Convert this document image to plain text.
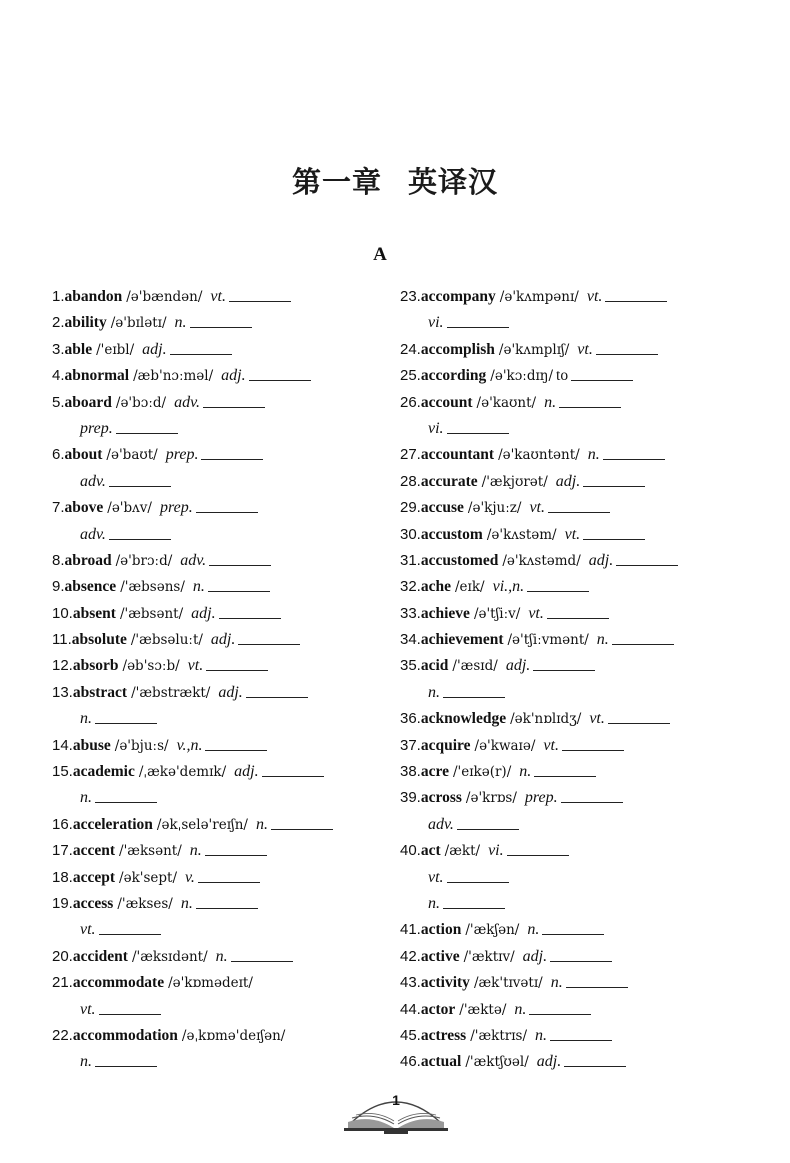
第一章 英译汉
A
1.abandon /ə'bændən/ vt.
2.ability /ə'bɪlətɪ/ n.
3.able /'eɪbl/ adj.
4.abnormal /æb'nɔːməl/ adj.
5.aboard /ə'bɔːd/ adv.
prep.
6.about /ə'baʊt/ prep.
adv.
7.above /ə'bʌv/ prep.
adv.
8.abroad /ə'brɔːd/ adv.
9.absence /'æbsəns/ n.
10.absent /'æbsənt/ adj.
11.absolute /'æbsəluːt/ adj.
12.absorb /əb'sɔːb/ vt.
13.abstract /'æbstrækt/ adj.
n.
14.abuse /ə'bjuːs/ v.,n.
15.academic /ˌækə'demɪk/ adj.
n.
16.acceleration /əkˌselə'reɪʃn/ n.
17.accent /'æksənt/ n.
18.accept /ək'sept/ v.
19.access /'ækses/ n.
vt.
20.accident /'æksɪdənt/ n.
21.accommodate /ə'kɒmədeɪt/
vt.
22.accommodation /əˌkɒmə'deɪʃən/
n.
23.accompany /ə'kʌmpənɪ/ vt.
vi.
24.accomplish /ə'kʌmplɪʃ/ vt.
25.according /ə'kɔːdɪŋ/ to
26.account /ə'kaʊnt/ n.
vi.
27.accountant /ə'kaʊntənt/ n.
28.accurate /'ækjʊrət/ adj.
29.accuse /ə'kjuːz/ vt.
30.accustom /ə'kʌstəm/ vt.
31.accustomed /ə'kʌstəmd/ adj.
32.ache /eɪk/ vi.,n.
33.achieve /ə'tʃiːv/ vt.
34.achievement /ə'tʃiːvmənt/ n.
35.acid /'æsɪd/ adj.
n.
36.acknowledge /ək'nɒlɪdʒ/ vt.
37.acquire /ə'kwaɪə/ vt.
38.acre /'eɪkə(r)/ n.
39.across /ə'krɒs/ prep.
adv.
40.act /ækt/ vi.
vt.
n.
41.action /'ækʃən/ n.
42.active /'æktɪv/ adj.
43.activity /æk'tɪvətɪ/ n.
44.actor /'æktə/ n.
45.actress /'æktrɪs/ n.
46.actual /'æktʃʊəl/ adj.
1
